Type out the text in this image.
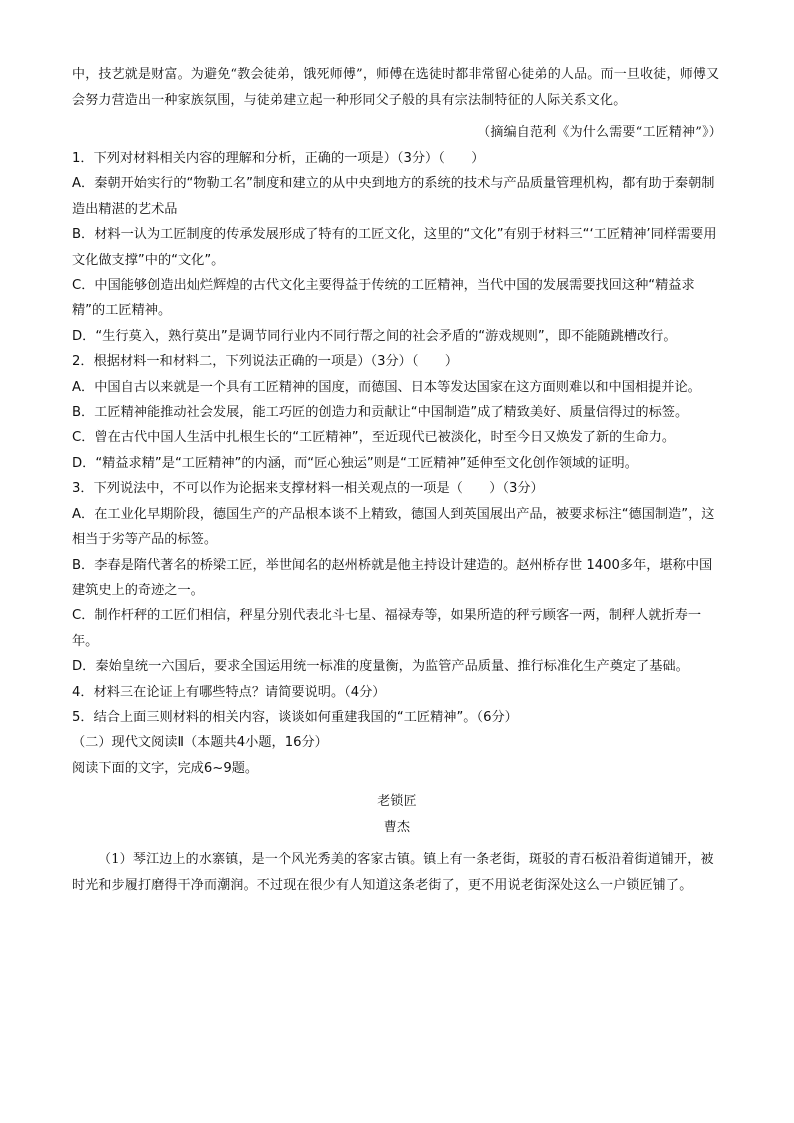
中，技艺就是财富。为避免“教会徒弟，饿死师傅”，师傅在选徒时都非常留心徒弟的人品。而一旦收徒，师傅又会努力营造出一种家族氛围，与徒弟建立起一种形同父子般的具有宗法制特征的人际关系文化。

（摘编自范利《为什么需要“工匠精神”》）

1．下列对材料相关内容的理解和分析，正确的一项是）（3分）（　　）

A．秦朝开始实行的“物勒工名”制度和建立的从中央到地方的系统的技术与产品质量管理机构，都有助于秦朝制造出精湛的艺术品

B．材料一认为工匠制度的传承发展形成了特有的工匠文化，这里的“文化”有别于材料三“‘工匠精神’同样需要用文化做支撑”中的“文化”。

C．中国能够创造出灿烂辉煌的古代文化主要得益于传统的工匠精神，当代中国的发展需要找回这种“精益求精”的工匠精神。

D．“生行莫入，熟行莫出”是调节同行业内不同行帮之间的社会矛盾的“游戏规则”，即不能随跳槽改行。

2．根据材料一和材料二，下列说法正确的一项是）（3分）（　　）

A．中国自古以来就是一个具有工匠精神的国度，而德国、日本等发达国家在这方面则难以和中国相提并论。

B．工匠精神能推动社会发展，能工巧匠的创造力和贡献让“中国制造”成了精致美好、质量信得过的标签。

C．曾在古代中国人生活中扎根生长的“工匠精神”，至近现代已被淡化，时至今日又焕发了新的生命力。

D．“精益求精”是“工匠精神”的内涵，而“匠心独运”则是“工匠精神”延伸至文化创作领域的证明。

3．下列说法中，不可以作为论据来支撑材料一相关观点的一项是（　　）（3分）

A．在工业化早期阶段，德国生产的产品根本谈不上精致，德国人到英国展出产品，被要求标注“德国制造”，这相当于劣等产品的标签。

B．李春是隋代著名的桥梁工匠，举世闻名的赵州桥就是他主持设计建造的。赵州桥存世 1400多年，堪称中国建筑史上的奇迹之一。

C．制作杆秤的工匠们相信，秤星分别代表北斗七星、福禄寿等，如果所造的秤亏顾客一两，制秤人就折寿一年。

D．秦始皇统一六国后，要求全国运用统一标准的度量衡，为监管产品质量、推行标准化生产奠定了基础。

4．材料三在论证上有哪些特点？请简要说明。（4分）

5．结合上面三则材料的相关内容，谈谈如何重建我国的“工匠精神”。（6分）

（二）现代文阅读Ⅱ（本题共4小题，16分）

阅读下面的文字，完成6~9题。

老锁匠

曹杰

（1）琴江边上的水寨镇，是一个风光秀美的客家古镇。镇上有一条老街，斑驳的青石板沿着街道铺开，被时光和步履打磨得干净而潮润。不过现在很少有人知道这条老街了，更不用说老街深处这么一户锁匠铺了。
